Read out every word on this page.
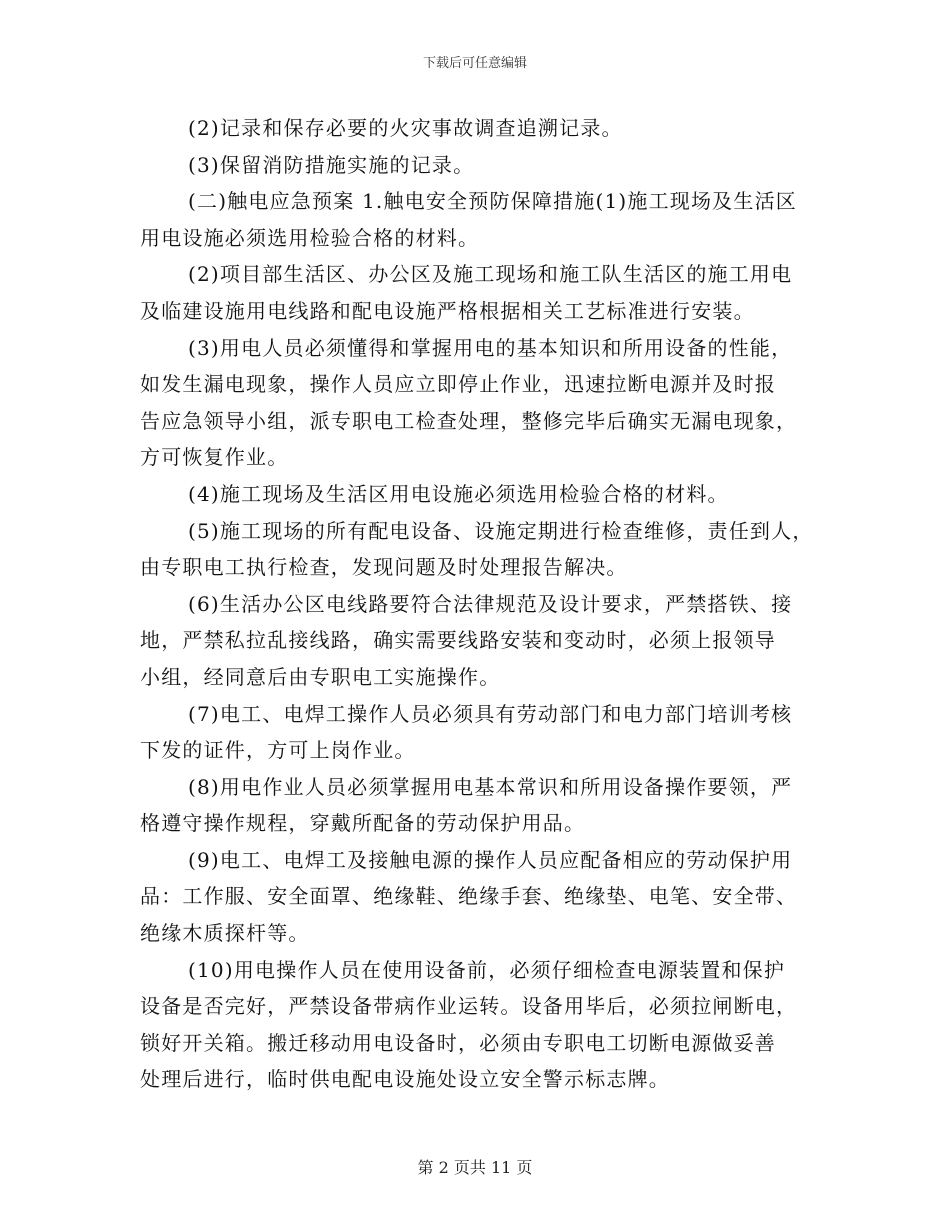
下载后可任意编辑
(2)记录和保存必要的火灾事故调查追溯记录。
(3)保留消防措施实施的记录。
(二)触电应急预案 1.触电安全预防保障措施(1)施工现场及生活区
用电设施必须选用检验合格的材料。
(2)项目部生活区、办公区及施工现场和施工队生活区的施工用电
及临建设施用电线路和配电设施严格根据相关工艺标准进行安装。
(3)用电人员必须懂得和掌握用电的基本知识和所用设备的性能，
如发生漏电现象，操作人员应立即停止作业，迅速拉断电源并及时报
告应急领导小组，派专职电工检查处理，整修完毕后确实无漏电现象，
方可恢复作业。
(4)施工现场及生活区用电设施必须选用检验合格的材料。
(5)施工现场的所有配电设备、设施定期进行检查维修，责任到人，
由专职电工执行检查，发现问题及时处理报告解决。
(6)生活办公区电线路要符合法律规范及设计要求，严禁搭铁、接
地，严禁私拉乱接线路，确实需要线路安装和变动时，必须上报领导
小组，经同意后由专职电工实施操作。
(7)电工、电焊工操作人员必须具有劳动部门和电力部门培训考核
下发的证件，方可上岗作业。
(8)用电作业人员必须掌握用电基本常识和所用设备操作要领，严
格遵守操作规程，穿戴所配备的劳动保护用品。
(9)电工、电焊工及接触电源的操作人员应配备相应的劳动保护用
品：工作服、安全面罩、绝缘鞋、绝缘手套、绝缘垫、电笔、安全带、
绝缘木质探杆等。
(10)用电操作人员在使用设备前，必须仔细检查电源装置和保护
设备是否完好，严禁设备带病作业运转。设备用毕后，必须拉闸断电，
锁好开关箱。搬迁移动用电设备时，必须由专职电工切断电源做妥善
处理后进行，临时供电配电设施处设立安全警示标志牌。
第 2 页共 11 页
